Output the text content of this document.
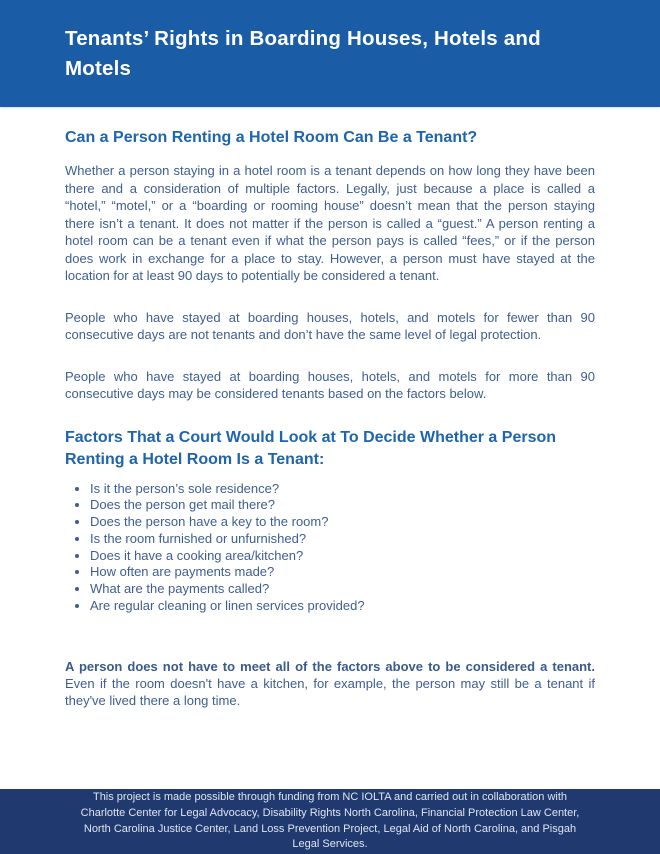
Tenants’ Rights in Boarding Houses, Hotels and Motels
Can a Person Renting a Hotel Room Can Be a Tenant?

Whether a person staying in a hotel room is a tenant depends on how long they have been there and a consideration of multiple factors. Legally, just because a place is called a “hotel,” “motel,” or a “boarding or rooming house” doesn’t mean that the person staying there isn’t a tenant. It does not matter if the person is called a “guest.” A person renting a hotel room can be a tenant even if what the person pays is called “fees,” or if the person does work in exchange for a place to stay. However, a person must have stayed at the location for at least 90 days to potentially be considered a tenant.

People who have stayed at boarding houses, hotels, and motels for fewer than 90 consecutive days are not tenants and don’t have the same level of legal protection.

People who have stayed at boarding houses, hotels, and motels for more than 90 consecutive days may be considered tenants based on the factors below.

Factors That a Court Would Look at To Decide Whether a Person Renting a Hotel Room Is a Tenant:
• Is it the person’s sole residence?
• Does the person get mail there?
• Does the person have a key to the room?
• Is the room furnished or unfurnished?
• Does it have a cooking area/kitchen?
• How often are payments made?
• What are the payments called?
• Are regular cleaning or linen services provided?

A person does not have to meet all of the factors above to be considered a tenant. Even if the room doesn't have a kitchen, for example, the person may still be a tenant if they've lived there a long time.

This project is made possible through funding from NC IOLTA and carried out in collaboration with Charlotte Center for Legal Advocacy, Disability Rights North Carolina, Financial Protection Law Center, North Carolina Justice Center, Land Loss Prevention Project, Legal Aid of North Carolina, and Pisgah Legal Services.
